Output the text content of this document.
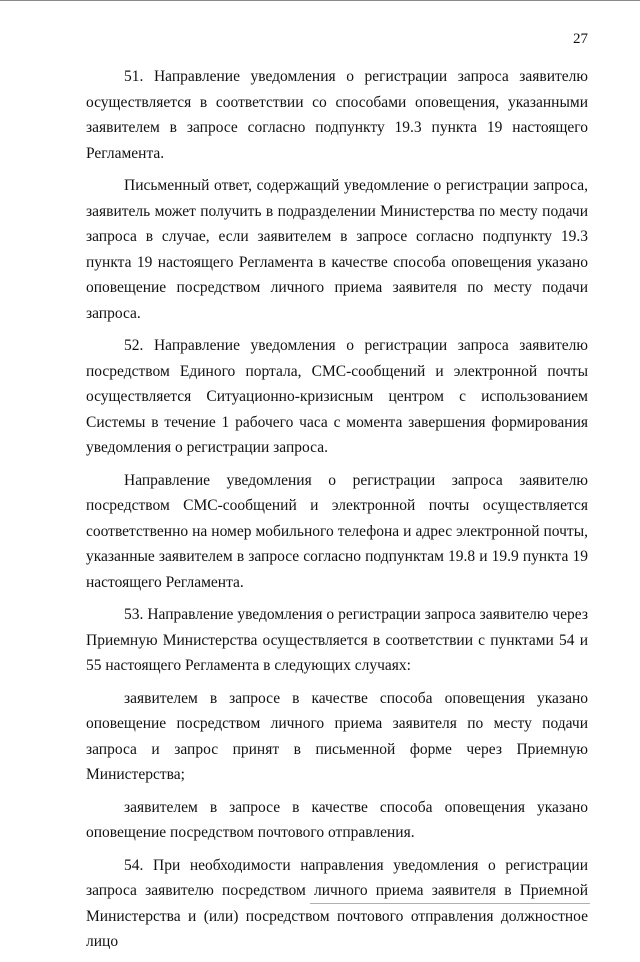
27

51. Направление уведомления о регистрации запроса заявителю осуществляется в соответствии со способами оповещения, указанными заявителем в запросе согласно подпункту 19.3 пункта 19 настоящего Регламента.

Письменный ответ, содержащий уведомление о регистрации запроса, заявитель может получить в подразделении Министерства по месту подачи запроса в случае, если заявителем в запросе согласно подпункту 19.3 пункта 19 настоящего Регламента в качестве способа оповещения указано оповещение посредством личного приема заявителя по месту подачи запроса.

52. Направление уведомления о регистрации запроса заявителю посредством Единого портала, СМС-сообщений и электронной почты осуществляется Ситуационно-кризисным центром с использованием Системы в течение 1 рабочего часа с момента завершения формирования уведомления о регистрации запроса.

Направление уведомления о регистрации запроса заявителю посредством СМС-сообщений и электронной почты осуществляется соответственно на номер мобильного телефона и адрес электронной почты, указанные заявителем в запросе согласно подпунктам 19.8 и 19.9 пункта 19 настоящего Регламента.

53. Направление уведомления о регистрации запроса заявителю через Приемную Министерства осуществляется в соответствии с пунктами 54 и 55 настоящего Регламента в следующих случаях:

заявителем в запросе в качестве способа оповещения указано оповещение посредством личного приема заявителя по месту подачи запроса и запрос принят в письменной форме через Приемную Министерства;

заявителем в запросе в качестве способа оповещения указано оповещение посредством почтового отправления.

54. При необходимости направления уведомления о регистрации запроса заявителю посредством личного приема заявителя в Приемной Министерства и (или) посредством почтового отправления должностное лицо
